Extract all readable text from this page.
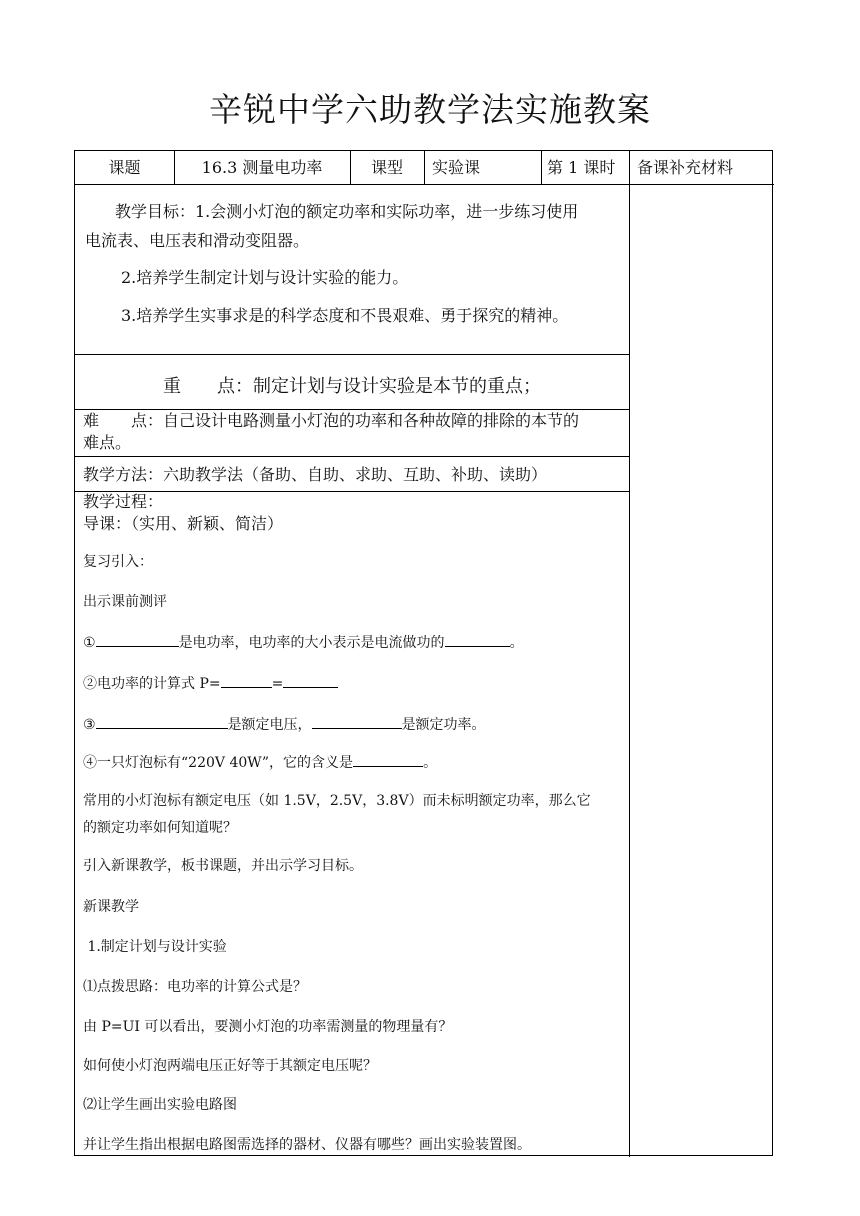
辛锐中学六助教学法实施教案
课题	16.3 测量电功率	课型	实验课	第 1 课时	备课补充材料

教学目标：1.会测小灯泡的额定功率和实际功率，进一步练习使用

电流表、电压表和滑动变阻器。

2.培养学生制定计划与设计实验的能力。

3.培养学生实事求是的科学态度和不畏艰难、勇于探究的精神。

重　　点：制定计划与设计实验是本节的重点；
难　　点：自己设计电路测量小灯泡的功率和各种故障的排除的本节的
难点。
教学方法：六助教学法（备助、自助、求助、互助、补助、读助）
教学过程：
导课：（实用、新颖、简洁）
复习引入：
出示课前测评
①	是电功率，电功率的大小表示是电流做功的	。
②电功率的计算式 P=	=
③	是额定电压，	是额定功率。
④一只灯泡标有“220V 40W”，它的含义是	。
常用的小灯泡标有额定电压（如 1.5V，2.5V，3.8V）而未标明额定功率，那么它
的额定功率如何知道呢？
引入新课教学，板书课题，并出示学习目标。
新课教学
1.制定计划与设计实验
⑴点拨思路：电功率的计算公式是？
由 P=UI 可以看出，要测小灯泡的功率需测量的物理量有？
如何使小灯泡两端电压正好等于其额定电压呢？
⑵让学生画出实验电路图
并让学生指出根据电路图需选择的器材、仪器有哪些？画出实验装置图。
